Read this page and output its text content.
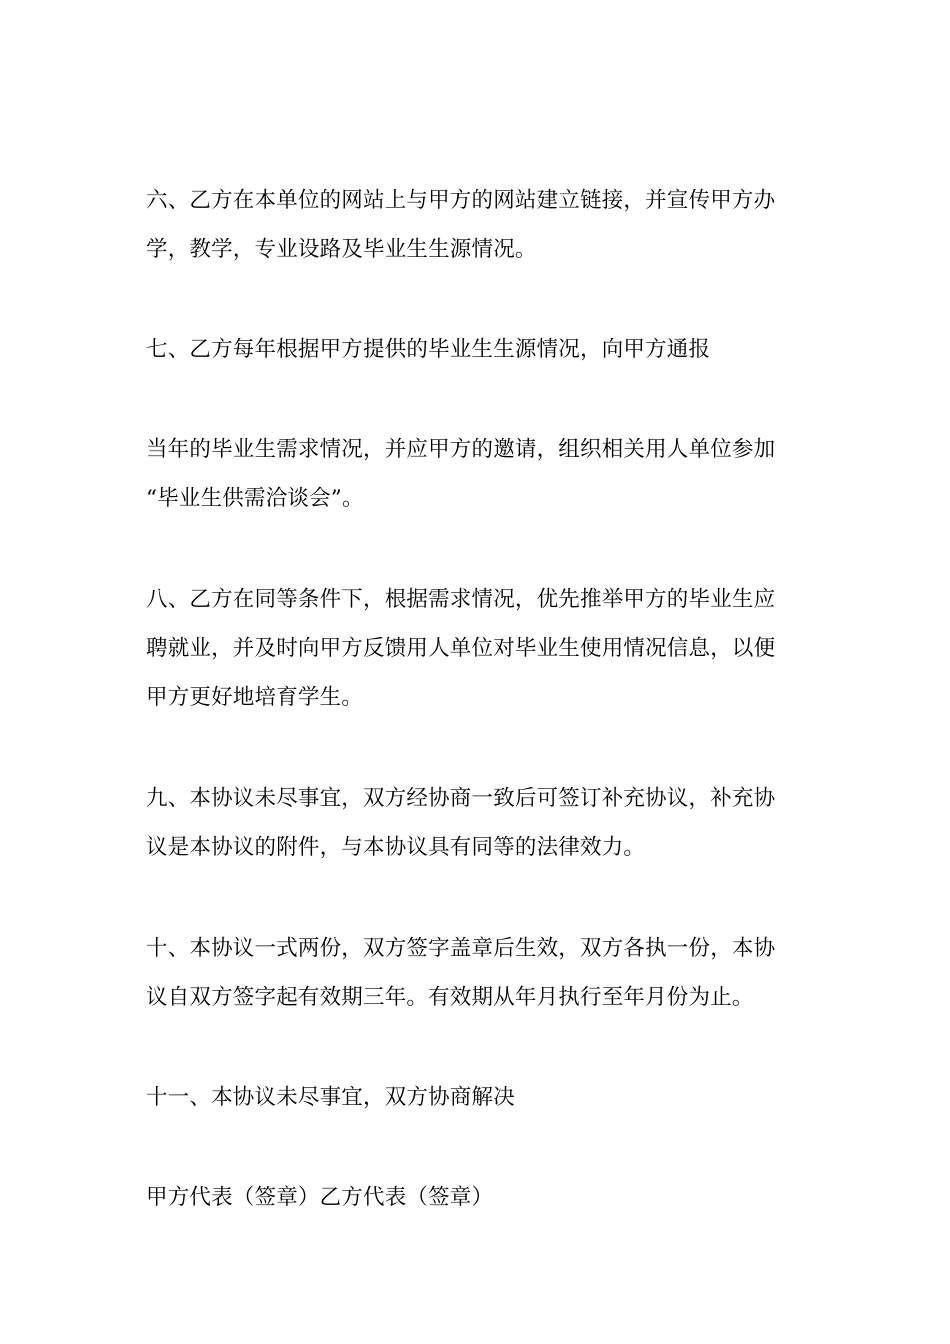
六、乙方在本单位的网站上与甲方的网站建立链接，并宣传甲方办
学，教学，专业设路及毕业生生源情况。

七、乙方每年根据甲方提供的毕业生生源情况，向甲方通报

当年的毕业生需求情况，并应甲方的邀请，组织相关用人单位参加
“毕业生供需洽谈会”。

八、乙方在同等条件下，根据需求情况，优先推举甲方的毕业生应
聘就业，并及时向甲方反馈用人单位对毕业生使用情况信息，以便
甲方更好地培育学生。

九、本协议未尽事宜，双方经协商一致后可签订补充协议，补充协
议是本协议的附件，与本协议具有同等的法律效力。

十、本协议一式两份，双方签字盖章后生效，双方各执一份，本协
议自双方签字起有效期三年。有效期从年月执行至年月份为止。

十一、本协议未尽事宜，双方协商解决

甲方代表（签章）乙方代表（签章）
